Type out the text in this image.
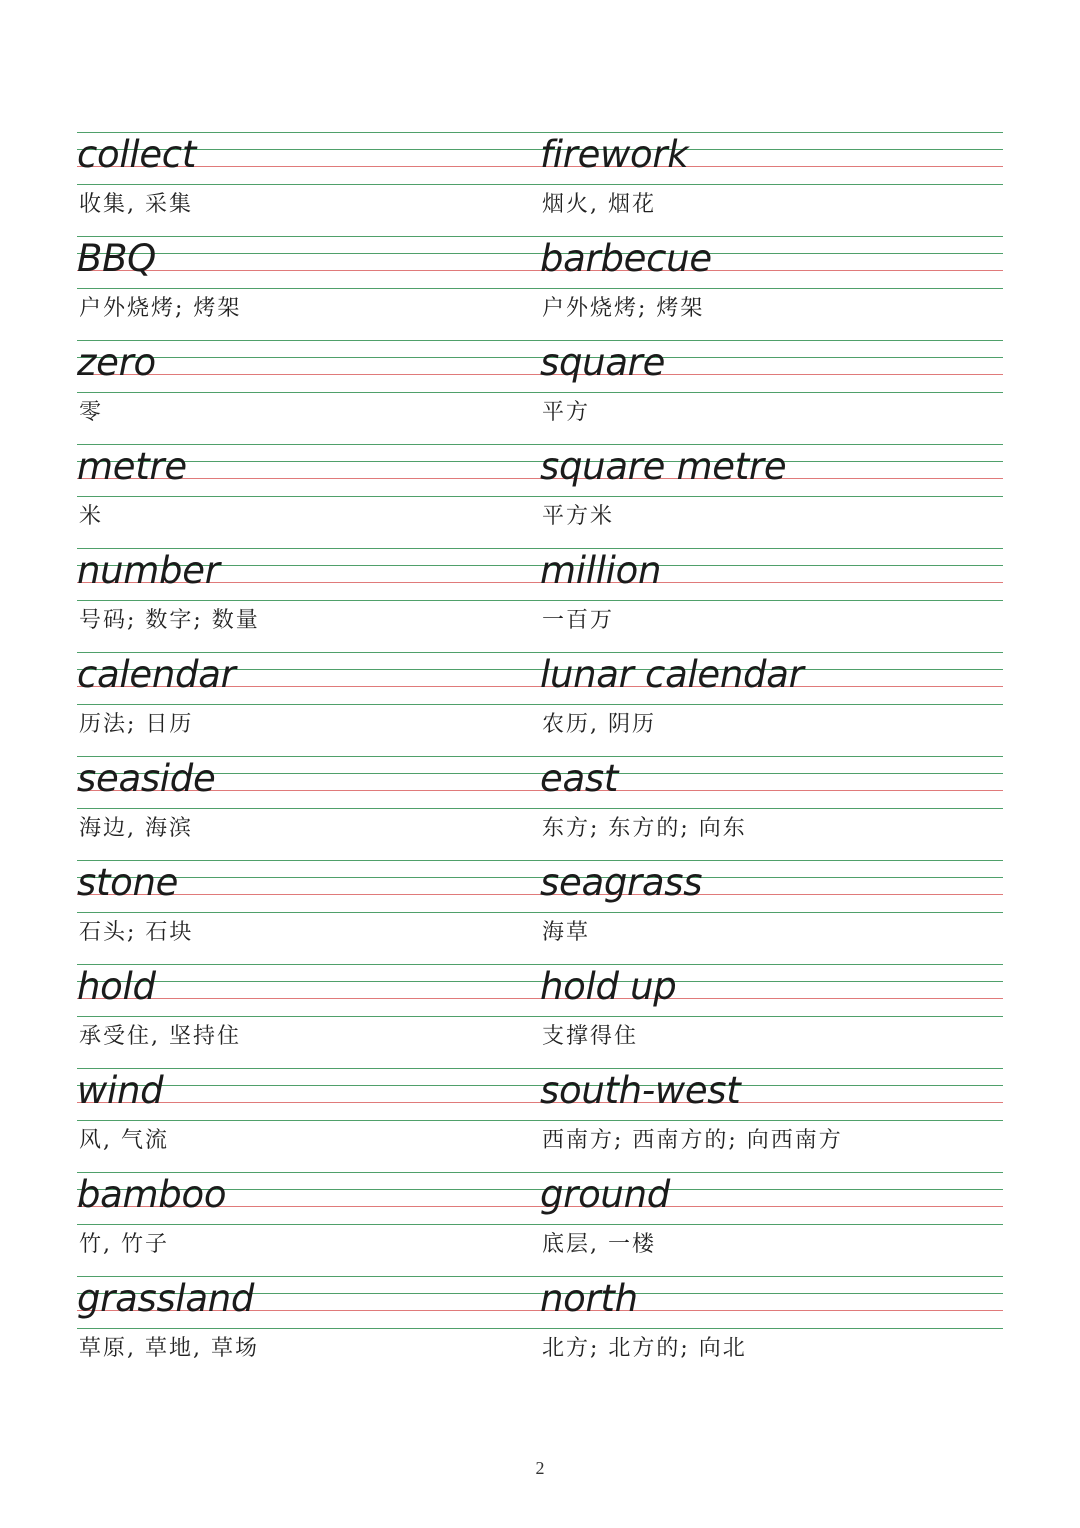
collect
收集, 采集
firework
烟火, 烟花
BBQ
户外烧烤; 烤架
barbecue
户外烧烤; 烤架
zero
零
square
平方
metre
米
square metre
平方米
number
号码; 数字; 数量
million
一百万
calendar
历法; 日历
lunar calendar
农历, 阴历
seaside
海边, 海滨
east
东方; 东方的; 向东
stone
石头; 石块
seagrass
海草
hold
承受住, 坚持住
hold up
支撑得住
wind
风, 气流
south-west
西南方; 西南方的; 向西南方
bamboo
竹, 竹子
ground
底层, 一楼
grassland
草原, 草地, 草场
north
北方; 北方的; 向北
2
